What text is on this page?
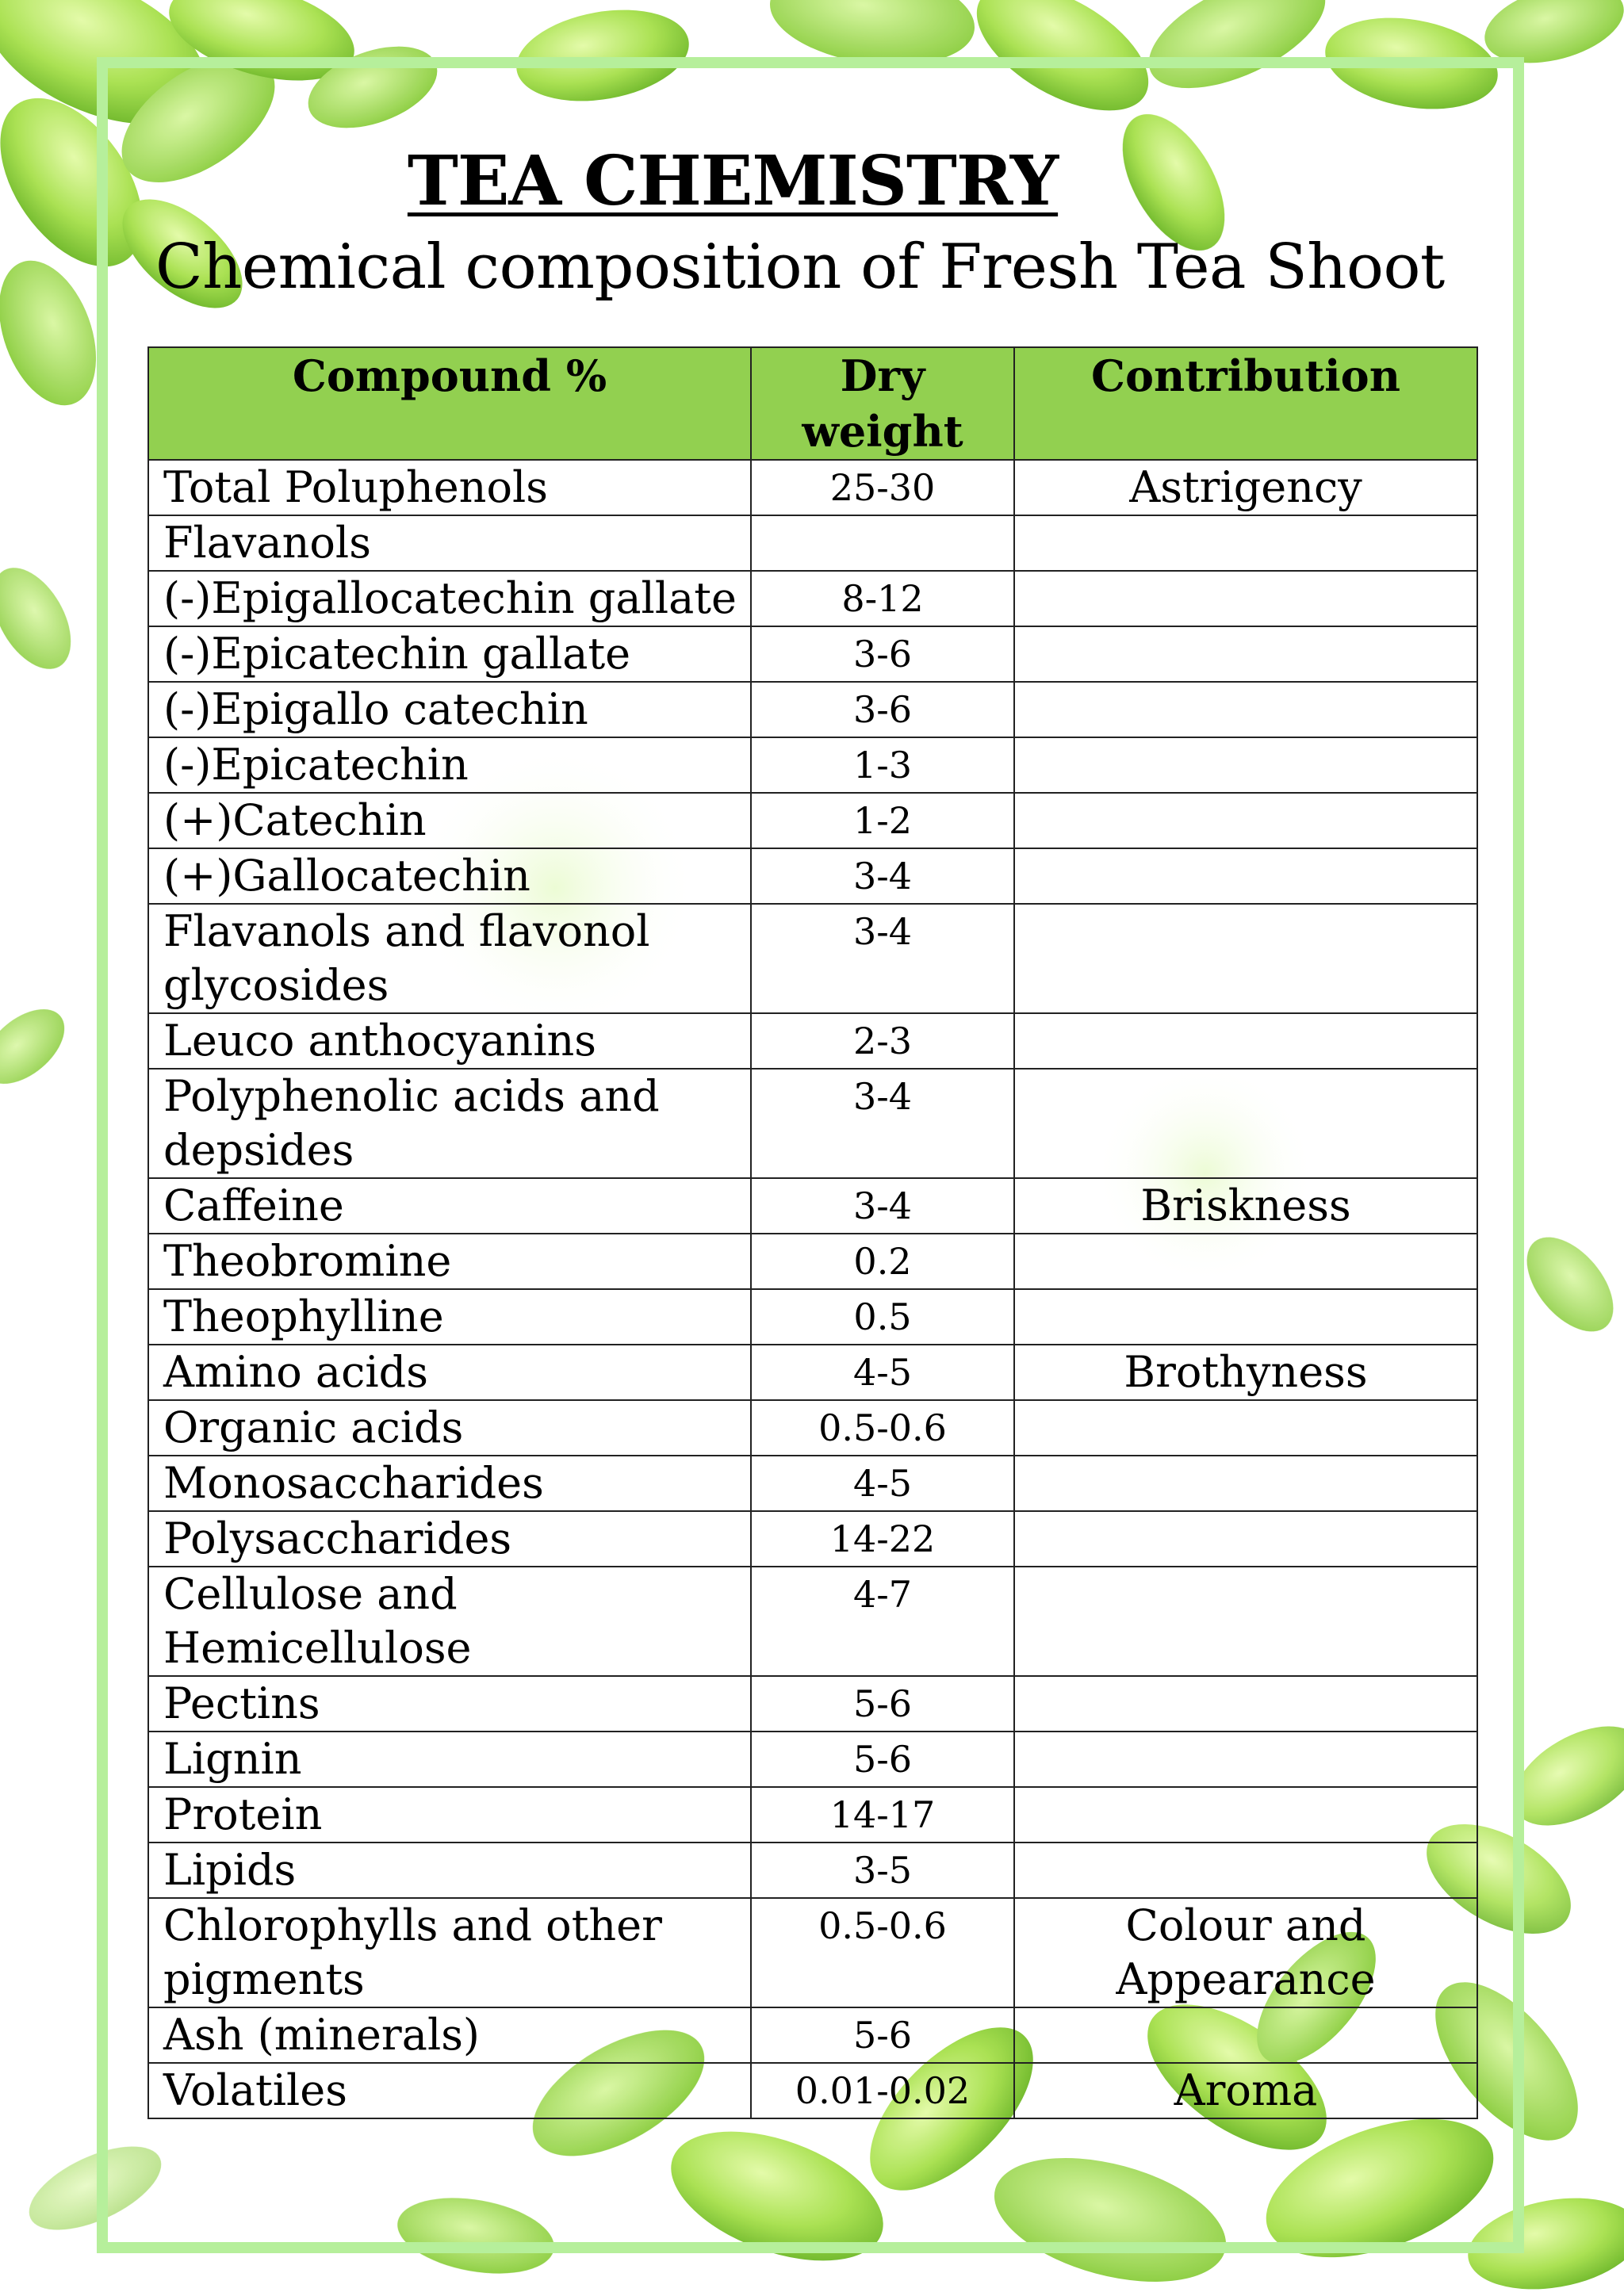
TEA CHEMISTRY
Chemical composition of Fresh Tea Shoot
Compound %	Dry weight	Contribution
Total Poluphenols	25-30	Astrigency
Flavanols		
(-)Epigallocatechin gallate	8-12	
(-)Epicatechin gallate	3-6	
(-)Epigallo catechin	3-6	
(-)Epicatechin	1-3	
(+)Catechin	1-2	
(+)Gallocatechin	3-4	
Flavanols and flavonol glycosides	3-4	
Leuco anthocyanins	2-3	
Polyphenolic acids and depsides	3-4	
Caffeine	3-4	Briskness
Theobromine	0.2	
Theophylline	0.5	
Amino acids	4-5	Brothyness
Organic acids	0.5-0.6	
Monosaccharides	4-5	
Polysaccharides	14-22	
Cellulose and Hemicellulose	4-7	
Pectins	5-6	
Lignin	5-6	
Protein	14-17	
Lipids	3-5	
Chlorophylls and other pigments	0.5-0.6	Colour and Appearance
Ash (minerals)	5-6	
Volatiles	0.01-0.02	Aroma
